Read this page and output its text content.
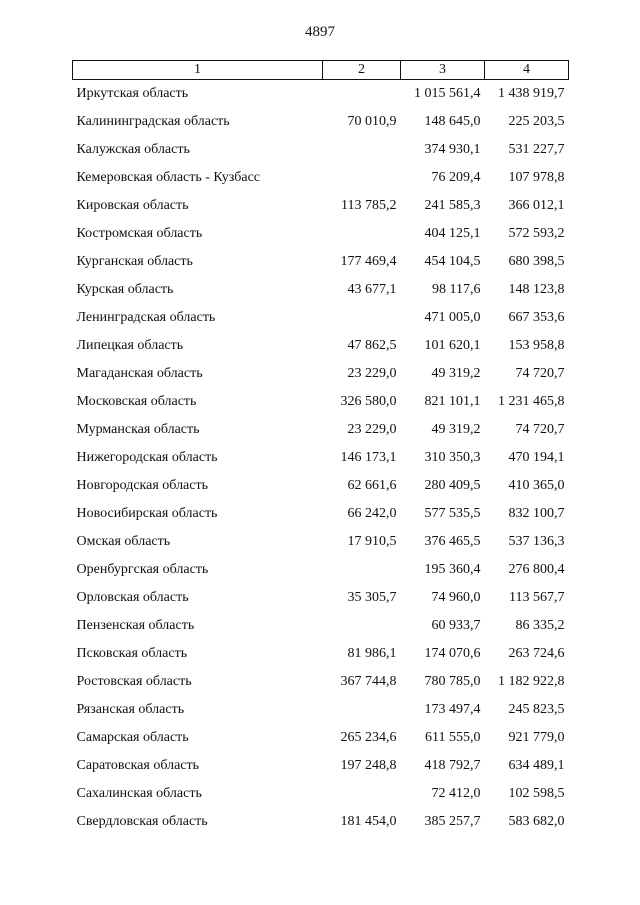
4897
1	2	3	4
Иркутская область		1 015 561,4	1 438 919,7
Калининградская область	70 010,9	148 645,0	225 203,5
Калужская область		374 930,1	531 227,7
Кемеровская область - Кузбасс		76 209,4	107 978,8
Кировская область	113 785,2	241 585,3	366 012,1
Костромская область		404 125,1	572 593,2
Курганская область	177 469,4	454 104,5	680 398,5
Курская область	43 677,1	98 117,6	148 123,8
Ленинградская область		471 005,0	667 353,6
Липецкая область	47 862,5	101 620,1	153 958,8
Магаданская область	23 229,0	49 319,2	74 720,7
Московская область	326 580,0	821 101,1	1 231 465,8
Мурманская область	23 229,0	49 319,2	74 720,7
Нижегородская область	146 173,1	310 350,3	470 194,1
Новгородская область	62 661,6	280 409,5	410 365,0
Новосибирская область	66 242,0	577 535,5	832 100,7
Омская область	17 910,5	376 465,5	537 136,3
Оренбургская область		195 360,4	276 800,4
Орловская область	35 305,7	74 960,0	113 567,7
Пензенская область		60 933,7	86 335,2
Псковская область	81 986,1	174 070,6	263 724,6
Ростовская область	367 744,8	780 785,0	1 182 922,8
Рязанская область		173 497,4	245 823,5
Самарская область	265 234,6	611 555,0	921 779,0
Саратовская область	197 248,8	418 792,7	634 489,1
Сахалинская область		72 412,0	102 598,5
Свердловская область	181 454,0	385 257,7	583 682,0
